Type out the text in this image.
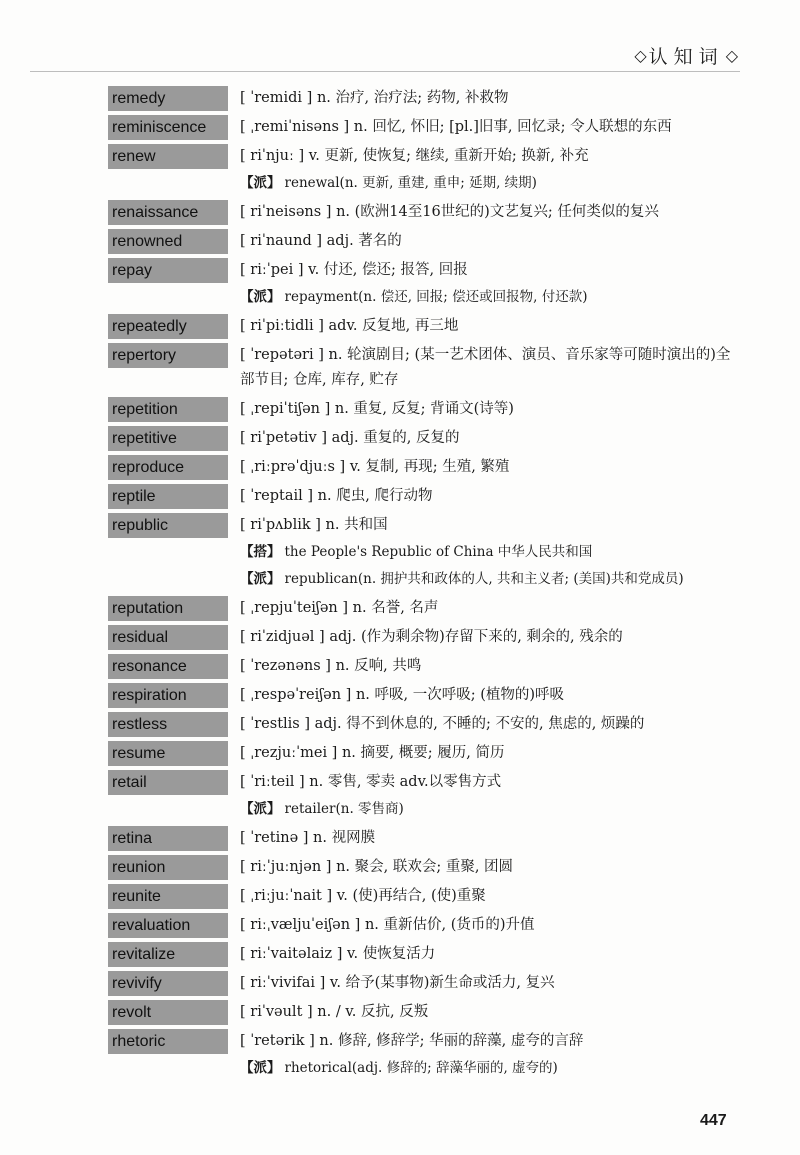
◇ 认知词 ◇
remedy	[ ˈremidi ] n. 治疗, 治疗法; 药物, 补救物
reminiscence	[ ˌremiˈnisəns ] n. 回忆, 怀旧; [pl.]旧事, 回忆录; 令人联想的东西
renew	[ riˈnjuː ] v. 更新, 使恢复; 继续, 重新开始; 换新, 补充
【派】 renewal(n. 更新, 重建, 重申; 延期, 续期)
renaissance	[ riˈneisəns ] n. (欧洲14至16世纪的)文艺复兴; 任何类似的复兴
renowned	[ riˈnaund ] adj. 著名的
repay	[ riːˈpei ] v. 付还, 偿还; 报答, 回报
【派】 repayment(n. 偿还, 回报; 偿还或回报物, 付还款)
repeatedly	[ riˈpiːtidli ] adv. 反复地, 再三地
repertory	[ ˈrepətəri ] n. 轮演剧目; (某一艺术团体、演员、音乐家等可随时演出的)全部节目; 仓库, 库存, 贮存
repetition	[ ˌrepiˈtiʃən ] n. 重复, 反复; 背诵文(诗等)
repetitive	[ riˈpetətiv ] adj. 重复的, 反复的
reproduce	[ ˌriːprəˈdjuːs ] v. 复制, 再现; 生殖, 繁殖
reptile	[ ˈreptail ] n. 爬虫, 爬行动物
republic	[ riˈpʌblik ] n. 共和国
【搭】 the People's Republic of China 中华人民共和国
【派】 republican(n. 拥护共和政体的人, 共和主义者; (美国)共和党成员)
reputation	[ ˌrepjuˈteiʃən ] n. 名誉, 名声
residual	[ riˈzidjuəl ] adj. (作为剩余物)存留下来的, 剩余的, 残余的
resonance	[ ˈrezənəns ] n. 反响, 共鸣
respiration	[ ˌrespəˈreiʃən ] n. 呼吸, 一次呼吸; (植物的)呼吸
restless	[ ˈrestlis ] adj. 得不到休息的, 不睡的; 不安的, 焦虑的, 烦躁的
resume	[ ˌrezjuːˈmei ] n. 摘要, 概要; 履历, 简历
retail	[ ˈriːteil ] n. 零售, 零卖 adv.以零售方式
【派】 retailer(n. 零售商)
retina	[ ˈretinə ] n. 视网膜
reunion	[ riːˈjuːnjən ] n. 聚会, 联欢会; 重聚, 团圆
reunite	[ ˌriːjuːˈnait ] v. (使)再结合, (使)重聚
revaluation	[ riːˌvæljuˈeiʃən ] n. 重新估价, (货币的)升值
revitalize	[ riːˈvaitəlaiz ] v. 使恢复活力
revivify	[ riːˈvivifai ] v. 给予(某事物)新生命或活力, 复兴
revolt	[ riˈvəult ] n. / v. 反抗, 反叛
rhetoric	[ ˈretərik ] n. 修辞, 修辞学; 华丽的辞藻, 虚夸的言辞
【派】 rhetorical(adj. 修辞的; 辞藻华丽的, 虚夸的)
447
